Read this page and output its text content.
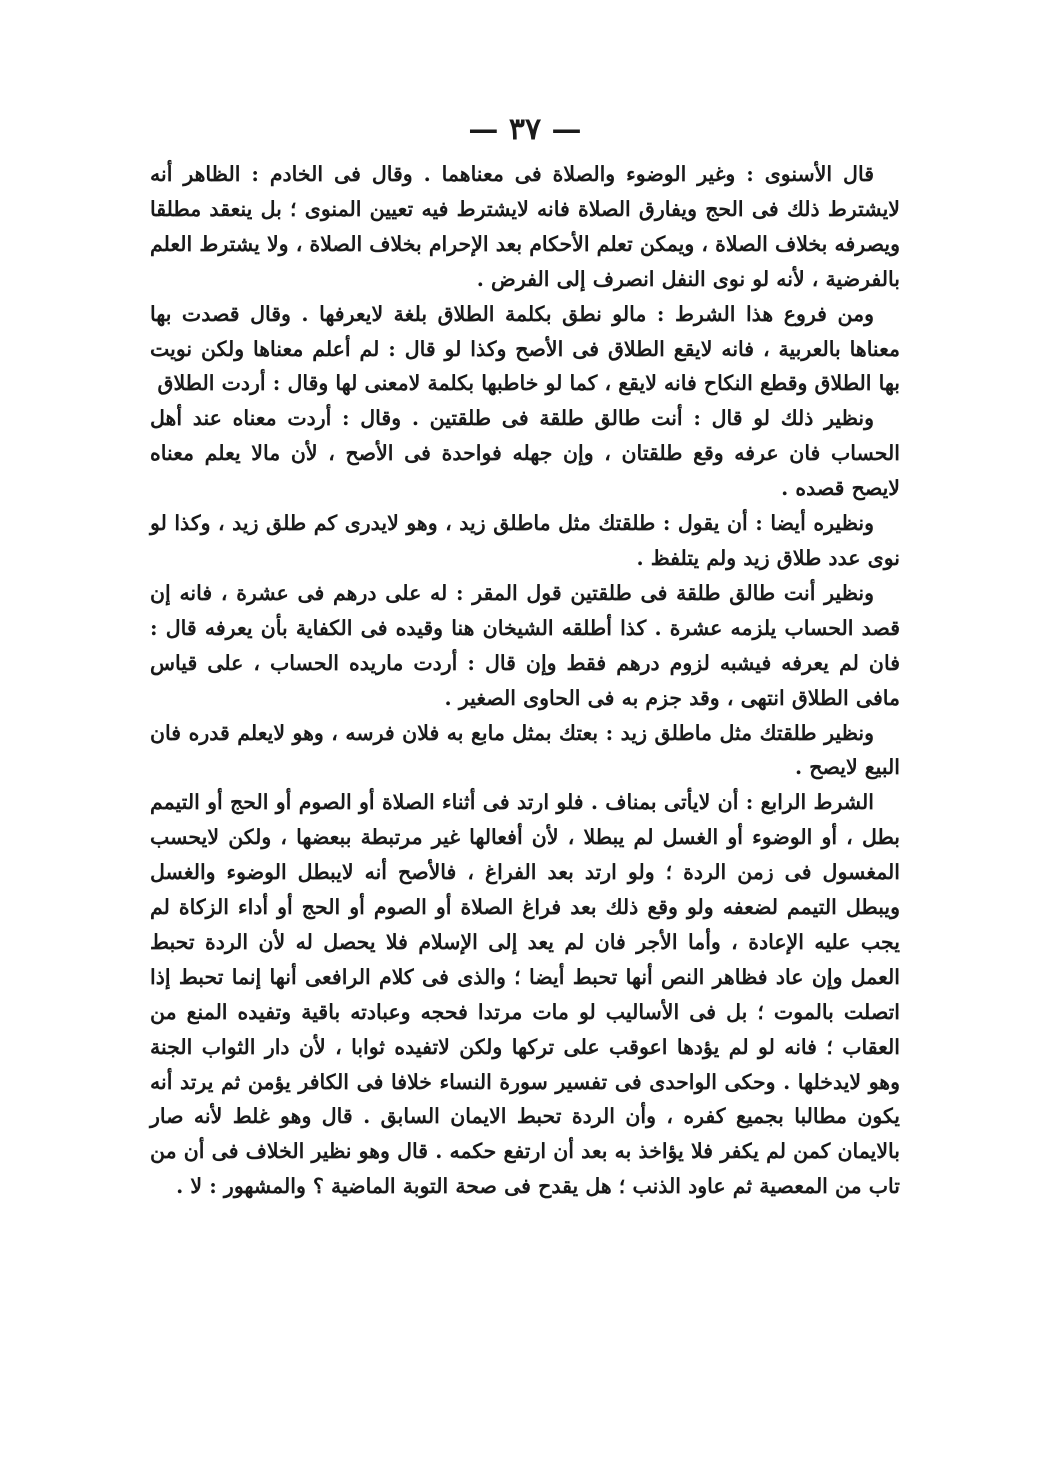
— ٣٧ —

قال الأسنوى : وغير الوضوء والصلاة فى معناهما . وقال فى الخادم : الظاهر أنه لايشترط ذلك فى الحج ويفارق الصلاة فانه لايشترط فيه تعيين المنوى ؛ بل ينعقد مطلقا ويصرفه بخلاف الصلاة ، ويمكن تعلم الأحكام بعد الإحرام بخلاف الصلاة ، ولا يشترط العلم بالفرضية ، لأنه لو نوى النفل انصرف إلى الفرض .

ومن فروع هذا الشرط : مالو نطق بكلمة الطلاق بلغة لايعرفها . وقال قصدت بها معناها بالعربية ، فانه لايقع الطلاق فى الأصح وكذا لو قال : لم أعلم معناها ولكن نويت بها الطلاق وقطع النكاح فانه لايقع ، كما لو خاطبها بكلمة لامعنى لها وقال : أردت الطلاق

ونظير ذلك لو قال : أنت طالق طلقة فى طلقتين . وقال : أردت معناه عند أهل الحساب فان عرفه وقع طلقتان ، وإن جهله فواحدة فى الأصح ، لأن مالا يعلم معناه لايصح قصده .

ونظيره أيضا : أن يقول : طلقتك مثل ماطلق زيد ، وهو لايدرى كم طلق زيد ، وكذا لو نوى عدد طلاق زيد ولم يتلفظ .

ونظير أنت طالق طلقة فى طلقتين قول المقر : له على درهم فى عشرة ، فانه إن قصد الحساب يلزمه عشرة . كذا أطلقه الشيخان هنا وقيده فى الكفاية بأن يعرفه قال : فان لم يعرفه فيشبه لزوم درهم فقط وإن قال : أردت ماريده الحساب ، على قياس مافى الطلاق انتهى ، وقد جزم به فى الحاوى الصغير .

ونظير طلقتك مثل ماطلق زيد : بعتك بمثل مابع به فلان فرسه ، وهو لايعلم قدره فان البيع لايصح .

الشرط الرابع : أن لايأتى بمناف . فلو ارتد فى أثناء الصلاة أو الصوم أو الحج أو التيمم بطل ، أو الوضوء أو الغسل لم يبطلا ، لأن أفعالها غير مرتبطة ببعضها ، ولكن لايحسب المغسول فى زمن الردة ؛ ولو ارتد بعد الفراغ ، فالأصح أنه لايبطل الوضوء والغسل ويبطل التيمم لضعفه ولو وقع ذلك بعد فراغ الصلاة أو الصوم أو الحج أو أداء الزكاة لم يجب عليه الإعادة ، وأما الأجر فان لم يعد إلى الإسلام فلا يحصل له لأن الردة تحبط العمل وإن عاد فظاهر النص أنها تحبط أيضا ؛ والذى فى كلام الرافعى أنها إنما تحبط إذا اتصلت بالموت ؛ بل فى الأساليب لو مات مرتدا فحجه وعبادته باقية وتفيده المنع من العقاب ؛ فانه لو لم يؤدها اعوقب على تركها ولكن لاتفيده ثوابا ، لأن دار الثواب الجنة وهو لايدخلها . وحكى الواحدى فى تفسير سورة النساء خلافا فى الكافر يؤمن ثم يرتد أنه يكون مطالبا بجميع كفره ، وأن الردة تحبط الايمان السابق . قال وهو غلط لأنه صار بالايمان كمن لم يكفر فلا يؤاخذ به بعد أن ارتفع حكمه . قال وهو نظير الخلاف فى أن من تاب من المعصية ثم عاود الذنب ؛ هل يقدح فى صحة التوبة الماضية ؟ والمشهور : لا .
